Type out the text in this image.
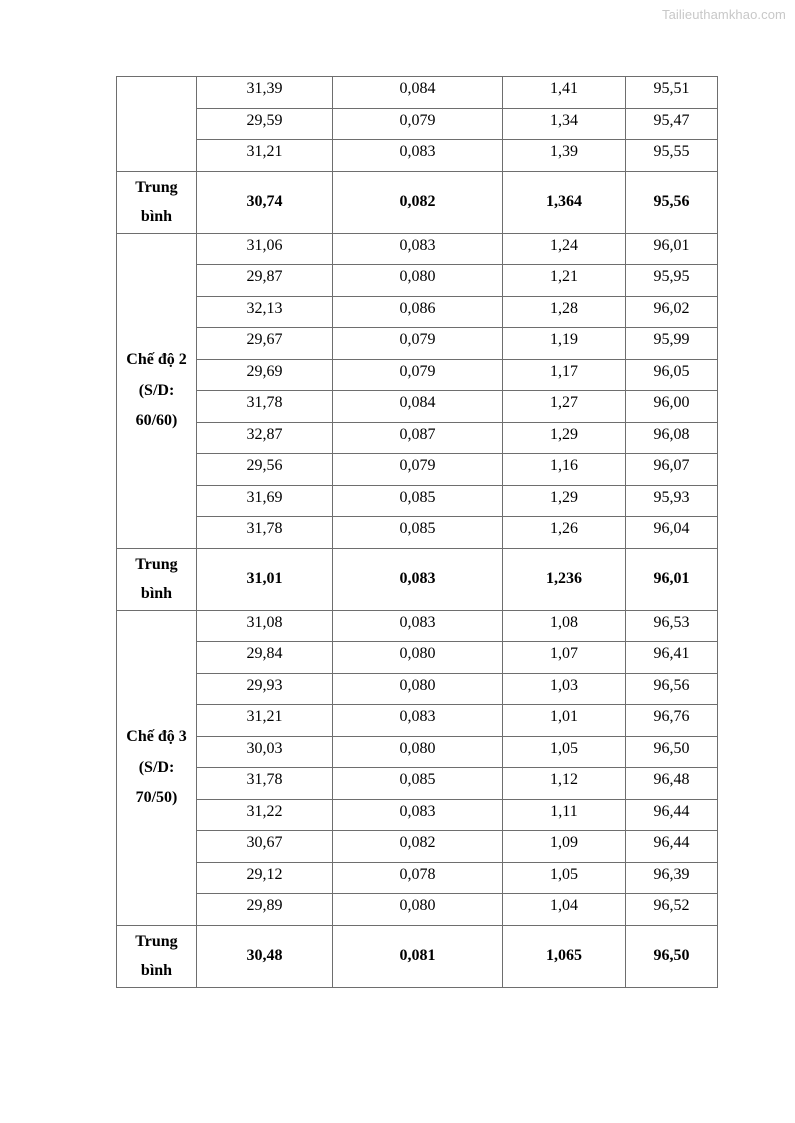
Tailieuthamkhao.com
	31,39	0,084	1,41	95,51
	29,59	0,079	1,34	95,47
	31,21	0,083	1,39	95,55

Trung
bình	30,74	0,082	1,364	95,56

Chế độ 2
(S/D:
60/60)	31,06	0,083	1,24	96,01
	29,87	0,080	1,21	95,95
	32,13	0,086	1,28	96,02
	29,67	0,079	1,19	95,99
	29,69	0,079	1,17	96,05
	31,78	0,084	1,27	96,00
	32,87	0,087	1,29	96,08
	29,56	0,079	1,16	96,07
	31,69	0,085	1,29	95,93
	31,78	0,085	1,26	96,04

Trung
bình	31,01	0,083	1,236	96,01

Chế độ 3
(S/D:
70/50)	31,08	0,083	1,08	96,53
	29,84	0,080	1,07	96,41
	29,93	0,080	1,03	96,56
	31,21	0,083	1,01	96,76
	30,03	0,080	1,05	96,50
	31,78	0,085	1,12	96,48
	31,22	0,083	1,11	96,44
	30,67	0,082	1,09	96,44
	29,12	0,078	1,05	96,39
	29,89	0,080	1,04	96,52

Trung
bình	30,48	0,081	1,065	96,50
